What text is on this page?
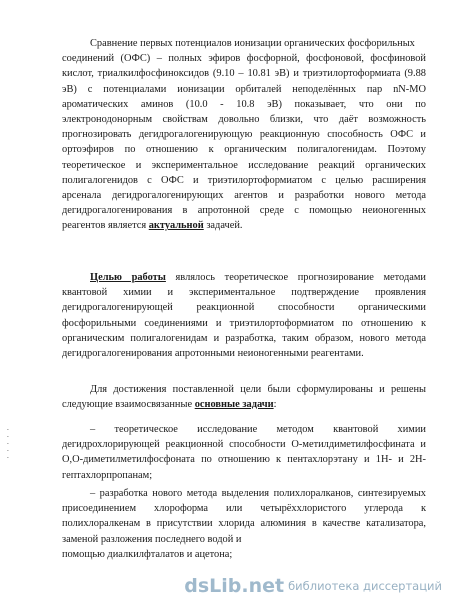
Сравнение первых потенциалов ионизации органических фосфорильных
соединений (ОФС) – полных эфиров фосфорной, фосфоновой, фосфиновой
кислот, триалкилфосфиноксидов (9.10 – 10.81 эВ) и триэтилортоформиата (9.88
эВ) с потенциалами ионизации орбиталей неподелённых пар nN-МО
ароматических аминов (10.0 - 10.8 эВ) показывает, что они по
электронодонорным свойствам довольно близки, что даёт возможность
прогнозировать дегидрогалогенирующую реакционную способность ОФС и
ортоэфиров по отношению к органическим полигалогенидам. Поэтому
теоретическое и экспериментальное исследование реакций органических
полигалогенидов с ОФС и триэтилортоформиатом с целью расширения
арсенала дегидрогалогенирующих агентов и разработки нового метода
дегидрогалогенирования в апротонной среде с помощью неионогенных
реагентов является актуальной задачей.
Целью работы являлось теоретическое прогнозирование методами
квантовой химии и экспериментальное подтверждение проявления
дегидрогалогенирующей реакционной способности органическими
фосфорильными соединениями и триэтилортоформиатом по отношению к
органическим полигалогенидам и разработка, таким образом, нового метода
дегидрогалогенирования апротонными неионогенными реагентами.
Для достижения поставленной цели были сформулированы и решены
следующие взаимосвязанные основные задачи:
– теоретическое исследование методом квантовой химии
дегидрохлорирующей реакционной способности О-метилдиметилфосфината и
О,О-диметилметилфосфоната по отношению к пентахлорэтану и 1Н- и 2Н-
гептахлорпропанам;
– разработка нового метода выделения полихлоралканов, синтезируемых
присоединением хлороформа или четырёххлористого углерода к
полихлоралкенам в присутствии хлорида алюминия в качестве катализатора,
заменой разложения последнего водой и
помощью диалкилфталатов и ацетона;
-
-
-
-
-
dsLib.net библиотека диссертаций
